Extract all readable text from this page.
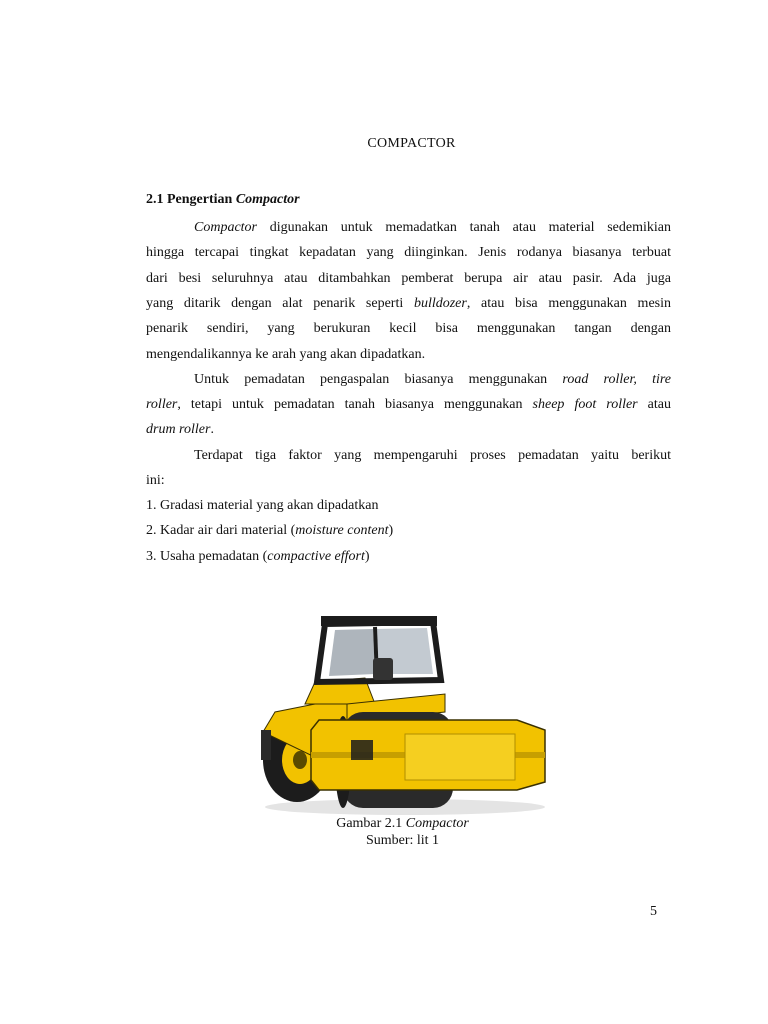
COMPACTOR
2.1 Pengertian Compactor
Compactor digunakan untuk memadatkan tanah atau material sedemikian
hingga tercapai tingkat kepadatan yang diinginkan. Jenis rodanya biasanya terbuat
dari besi seluruhnya atau ditambahkan pemberat berupa air atau pasir. Ada juga
yang ditarik dengan alat penarik seperti bulldozer, atau bisa menggunakan mesin
penarik sendiri, yang berukuran kecil bisa menggunakan tangan dengan
mengendalikannya ke arah yang akan dipadatkan.
Untuk pemadatan pengaspalan biasanya menggunakan road roller, tire
roller, tetapi untuk pemadatan tanah biasanya menggunakan sheep foot roller atau
drum roller.
Terdapat tiga faktor yang mempengaruhi proses pemadatan yaitu berikut
ini:
1. Gradasi material yang akan dipadatkan
2. Kadar air dari material (moisture content)
3. Usaha pemadatan (compactive effort)
Gambar 2.1 Compactor
Sumber: lit 1
5
